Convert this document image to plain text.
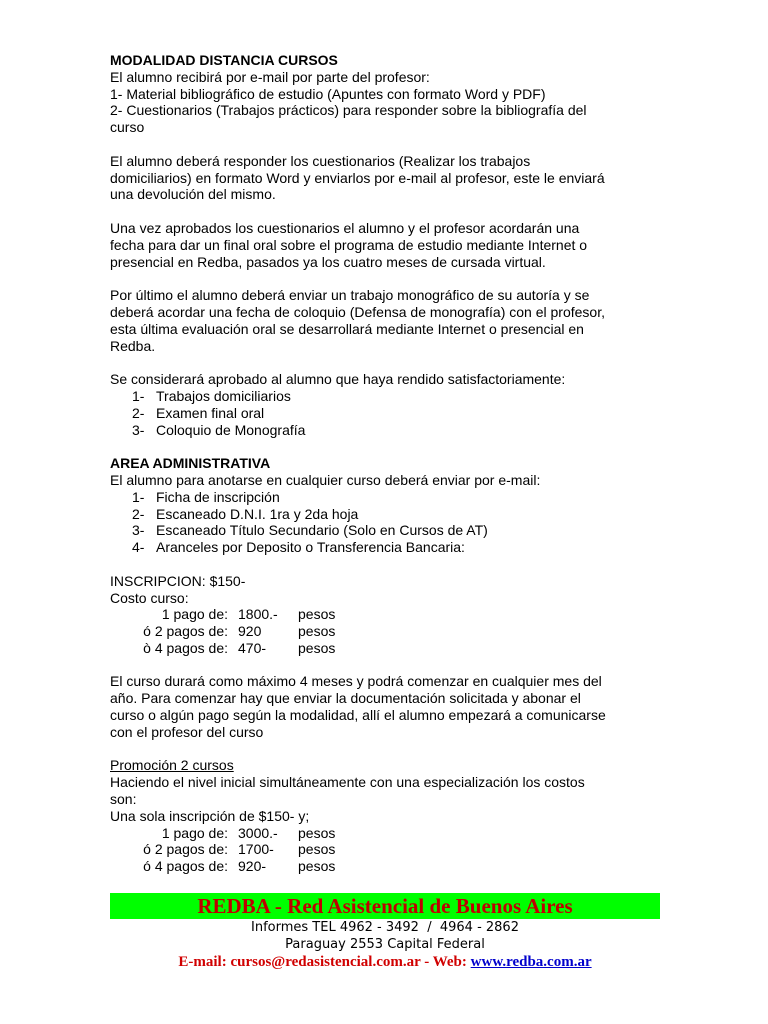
MODALIDAD DISTANCIA CURSOS

El alumno recibirá por e-mail por parte del profesor:

1- Material bibliográfico de estudio (Apuntes con formato Word y PDF)

2- Cuestionarios (Trabajos prácticos) para responder sobre la bibliografía del

curso

El alumno deberá responder los cuestionarios (Realizar los trabajos

domiciliarios) en formato Word y enviarlos por e-mail al profesor, este le enviará

una devolución del mismo.

Una vez aprobados los cuestionarios el alumno y el profesor acordarán una

fecha para dar un final oral sobre el programa de estudio mediante Internet o

presencial en Redba, pasados ya los cuatro meses de cursada virtual.

Por último el alumno deberá enviar un trabajo monográfico de su autoría y se

deberá acordar una fecha de coloquio (Defensa de monografía) con el profesor,

esta última evaluación oral se desarrollará mediante Internet o presencial en

Redba.

Se considerará aprobado al alumno que haya rendido satisfactoriamente:

1- Trabajos domiciliarios

2- Examen final oral

3- Coloquio de Monografía

AREA ADMINISTRATIVA

El alumno para anotarse en cualquier curso deberá enviar por e-mail:

1- Ficha de inscripción

2- Escaneado D.N.I. 1ra y 2da hoja

3- Escaneado Título Secundario (Solo en Cursos de AT)

4- Aranceles por Deposito o Transferencia Bancaria:

INSCRIPCION: $150-

Costo curso:

1 pago de: 1800.- pesos

ó 2 pagos de: 920	pesos

ò 4 pagos de: 470- pesos

El curso durará como máximo 4 meses y podrá comenzar en cualquier mes del

año. Para comenzar hay que enviar la documentación solicitada y abonar el

curso o algún pago según la modalidad, allí el alumno empezará a comunicarse

con el profesor del curso

Promoción 2 cursos

Haciendo el nivel inicial simultáneamente con una especialización los costos

son:

Una sola inscripción de $150- y;

1 pago de: 3000.- pesos

ó 2 pagos de: 1700- pesos

ó 4 pagos de: 920- pesos

REDBA - Red Asistencial de Buenos Aires
Informes TEL 4962 - 3492  /  4964 - 2862
Paraguay 2553 Capital Federal
E-mail: cursos@redasistencial.com.ar - Web: www.redba.com.ar
